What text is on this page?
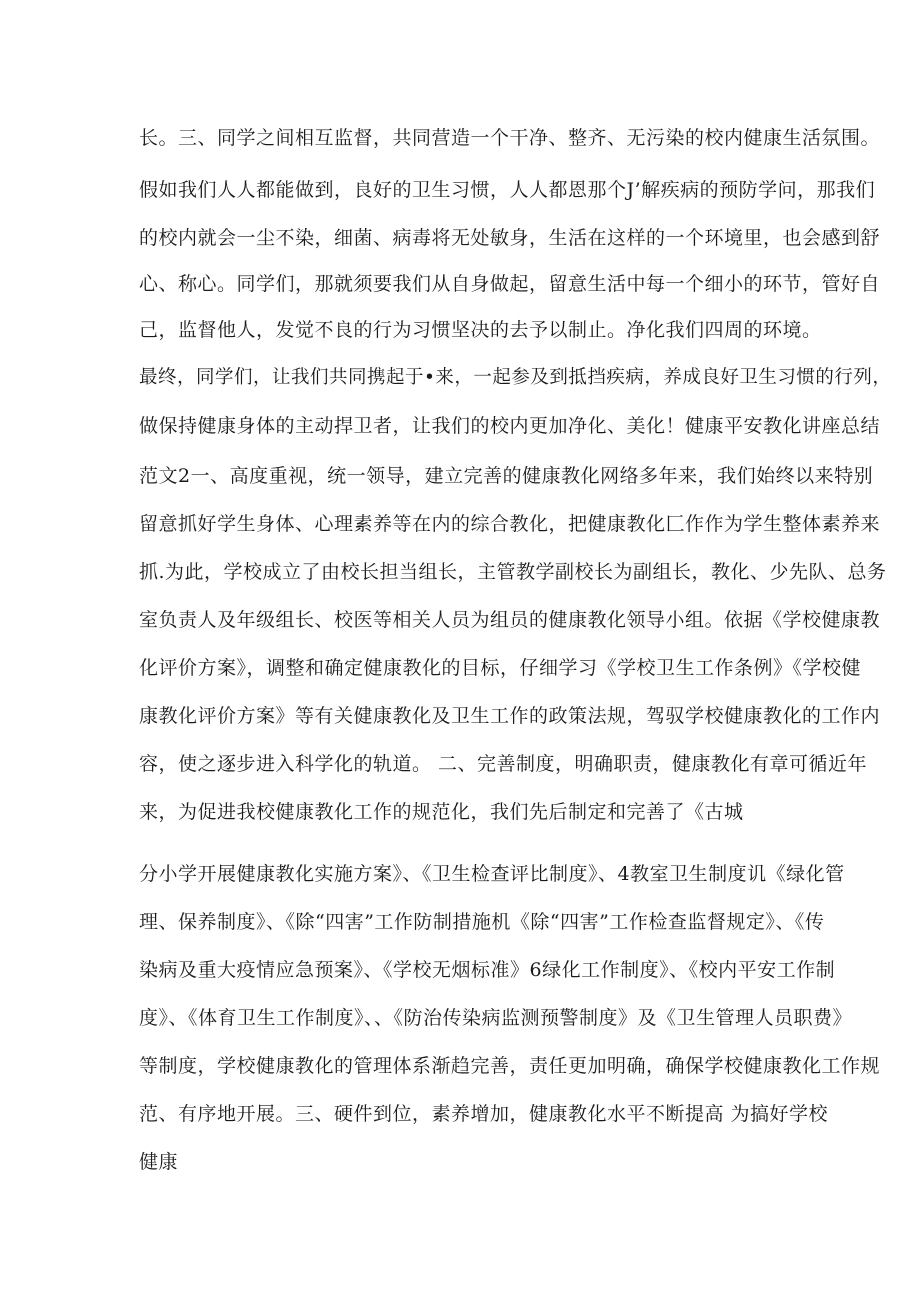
长。三、同学之间相互监督，共同营造一个干净、整齐、无污染的校内健康生活氛围。
假如我们人人都能做到，良好的卫生习惯，人人都恩那个J’解疾病的预防学问，那我们
的校内就会一尘不染，细菌、病毒将无处敏身，生活在这样的一个环境里，也会感到舒
心、称心。同学们，那就须要我们从自身做起，留意生活中每一个细小的环节，管好自
己，监督他人，发觉不良的行为习惯坚决的去予以制止。净化我们四周的环境。
最终，同学们，让我们共同携起于•来，一起参及到抵挡疾病，养成良好卫生习惯的行列，
做保持健康身体的主动捍卫者，让我们的校内更加净化、美化！健康平安教化讲座总结
范文2一、高度重视，统一领导，建立完善的健康教化网络多年来，我们始终以来特别
留意抓好学生身体、心理素养等在内的综合教化，把健康教化匚作作为学生整体素养来
抓.为此，学校成立了由校长担当组长，主管教学副校长为副组长，教化、少先队、总务
室负责人及年级组长、校医等相关人员为组员的健康教化领导小组。依据《学校健康教
化评价方案》，调整和确定健康教化的目标，仔细学习《学校卫生工作条例》《学校健
康教化评价方案》等有关健康教化及卫生工作的政策法规，驾驭学校健康教化的工作内
容，使之逐步进入科学化的轨道。 二、完善制度，明确职责，健康教化有章可循近年
来，为促进我校健康教化工作的规范化，我们先后制定和完善了《古城
分小学开展健康教化实施方案》、《卫生检查评比制度》、4教室卫生制度讥《绿化管
理、保养制度》、《除“四害”工作防制措施机《除“四害”工作检查监督规定》、《传
染病及重大疫情应急预案》、《学校无烟标准》6绿化工作制度》、《校内平安工作制
度》、《体育卫生工作制度》、、《防治传染病监测预警制度》及《卫生管理人员职费》
等制度，学校健康教化的管理体系渐趋完善，责任更加明确，确保学校健康教化工作规
范、有序地开展。三、硬件到位，素养增加，健康教化水平不断提高 为搞好学校
健康
